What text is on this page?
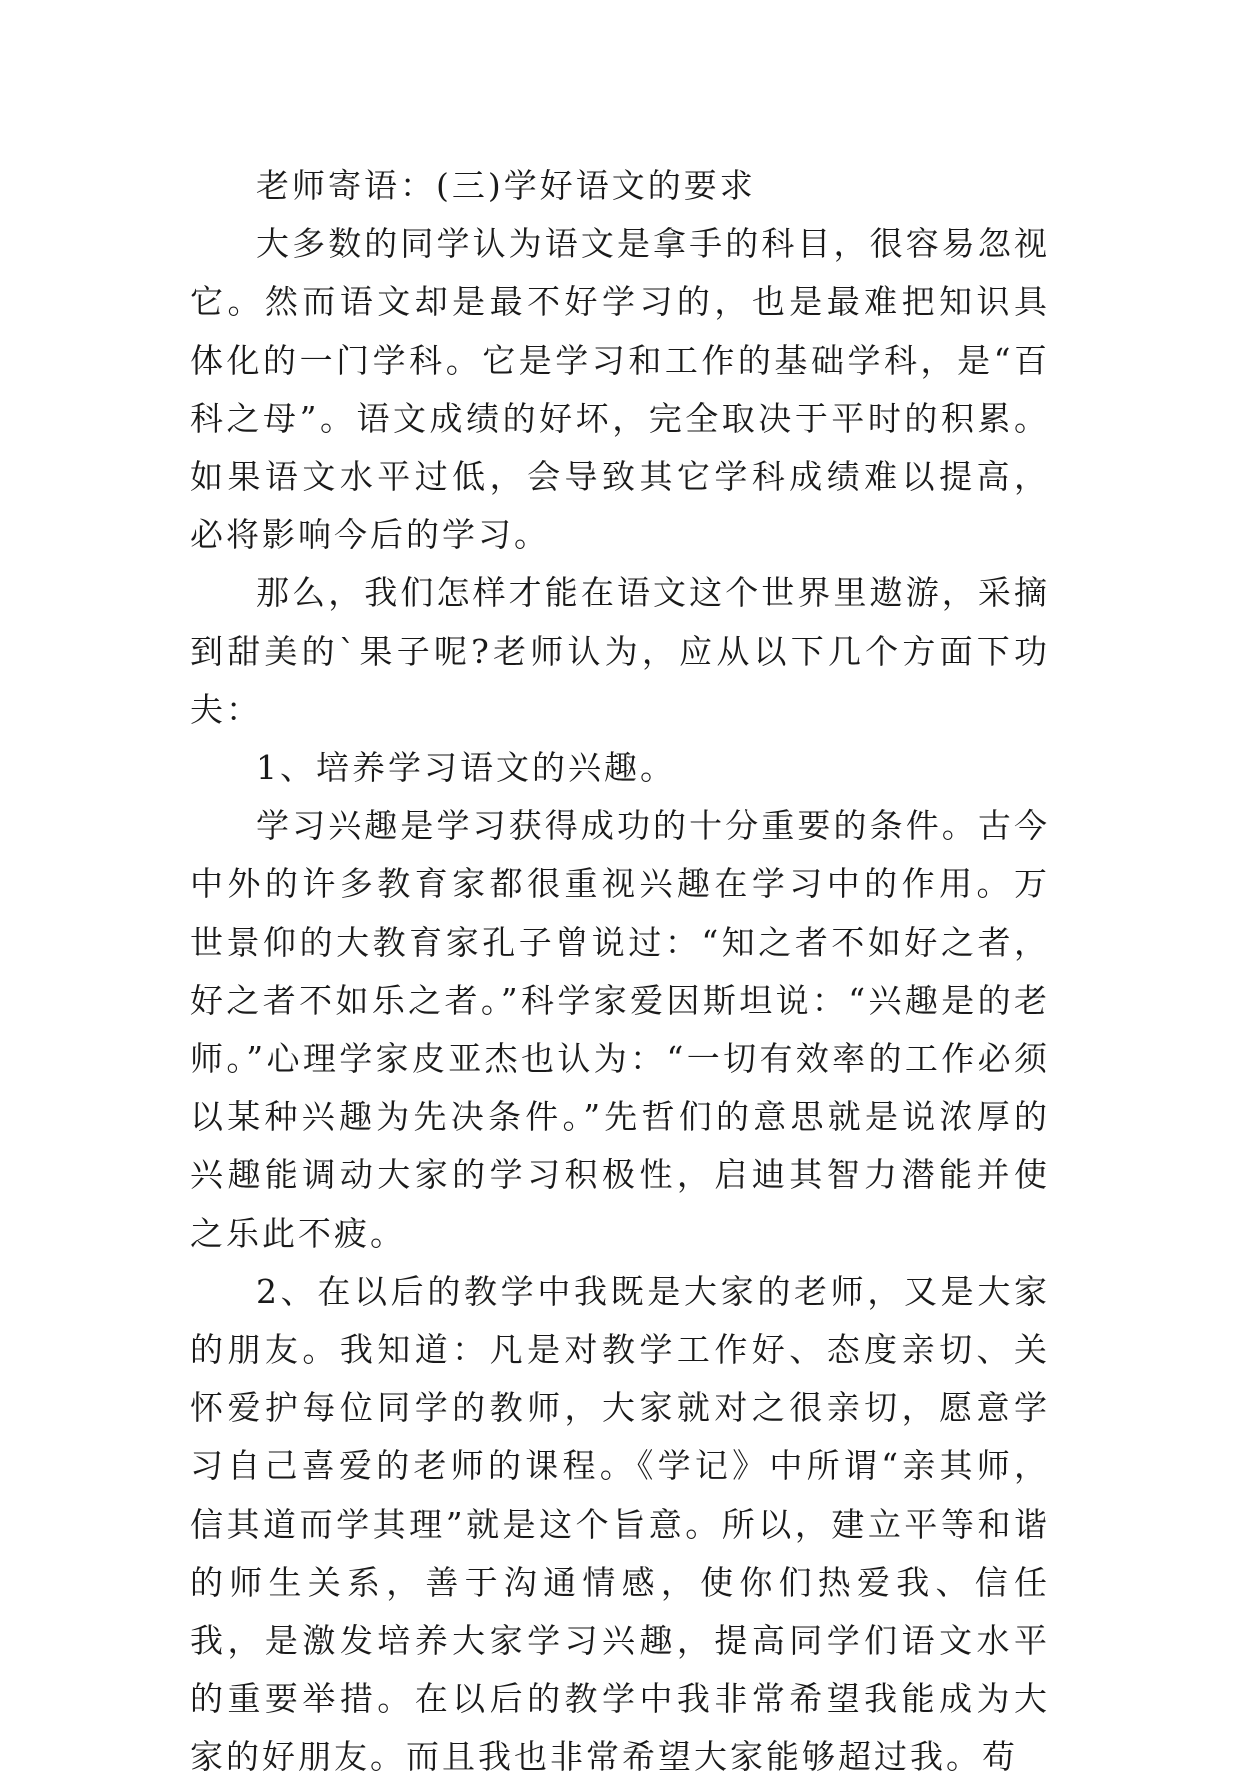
老师寄语：(三)学好语文的要求

大多数的同学认为语文是拿手的科目，很容易忽视它。然而语文却是最不好学习的，也是最难把知识具体化的一门学科。它是学习和工作的基础学科，是“百科之母”。语文成绩的好坏，完全取决于平时的积累。如果语文水平过低，会导致其它学科成绩难以提高，必将影响今后的学习。

那么，我们怎样才能在语文这个世界里遨游，采摘到甜美的`果子呢?老师认为，应从以下几个方面下功夫：

1、培养学习语文的兴趣。

学习兴趣是学习获得成功的十分重要的条件。古今中外的许多教育家都很重视兴趣在学习中的作用。万世景仰的大教育家孔子曾说过：“知之者不如好之者，好之者不如乐之者。”科学家爱因斯坦说：“兴趣是的老师。”心理学家皮亚杰也认为：“一切有效率的工作必须以某种兴趣为先决条件。”先哲们的意思就是说浓厚的兴趣能调动大家的学习积极性，启迪其智力潜能并使之乐此不疲。

2、在以后的教学中我既是大家的老师，又是大家的朋友。我知道：凡是对教学工作好、态度亲切、关怀爱护每位同学的教师，大家就对之很亲切，愿意学习自己喜爱的老师的课程。《学记》中所谓“亲其师，信其道而学其理”就是这个旨意。所以，建立平等和谐的师生关系，善于沟通情感，使你们热爱我、信任我，是激发培养大家学习兴趣，提高同学们语文水平的重要举措。在以后的教学中我非常希望我能成为大家的好朋友。而且我也非常希望大家能够超过我。苟
